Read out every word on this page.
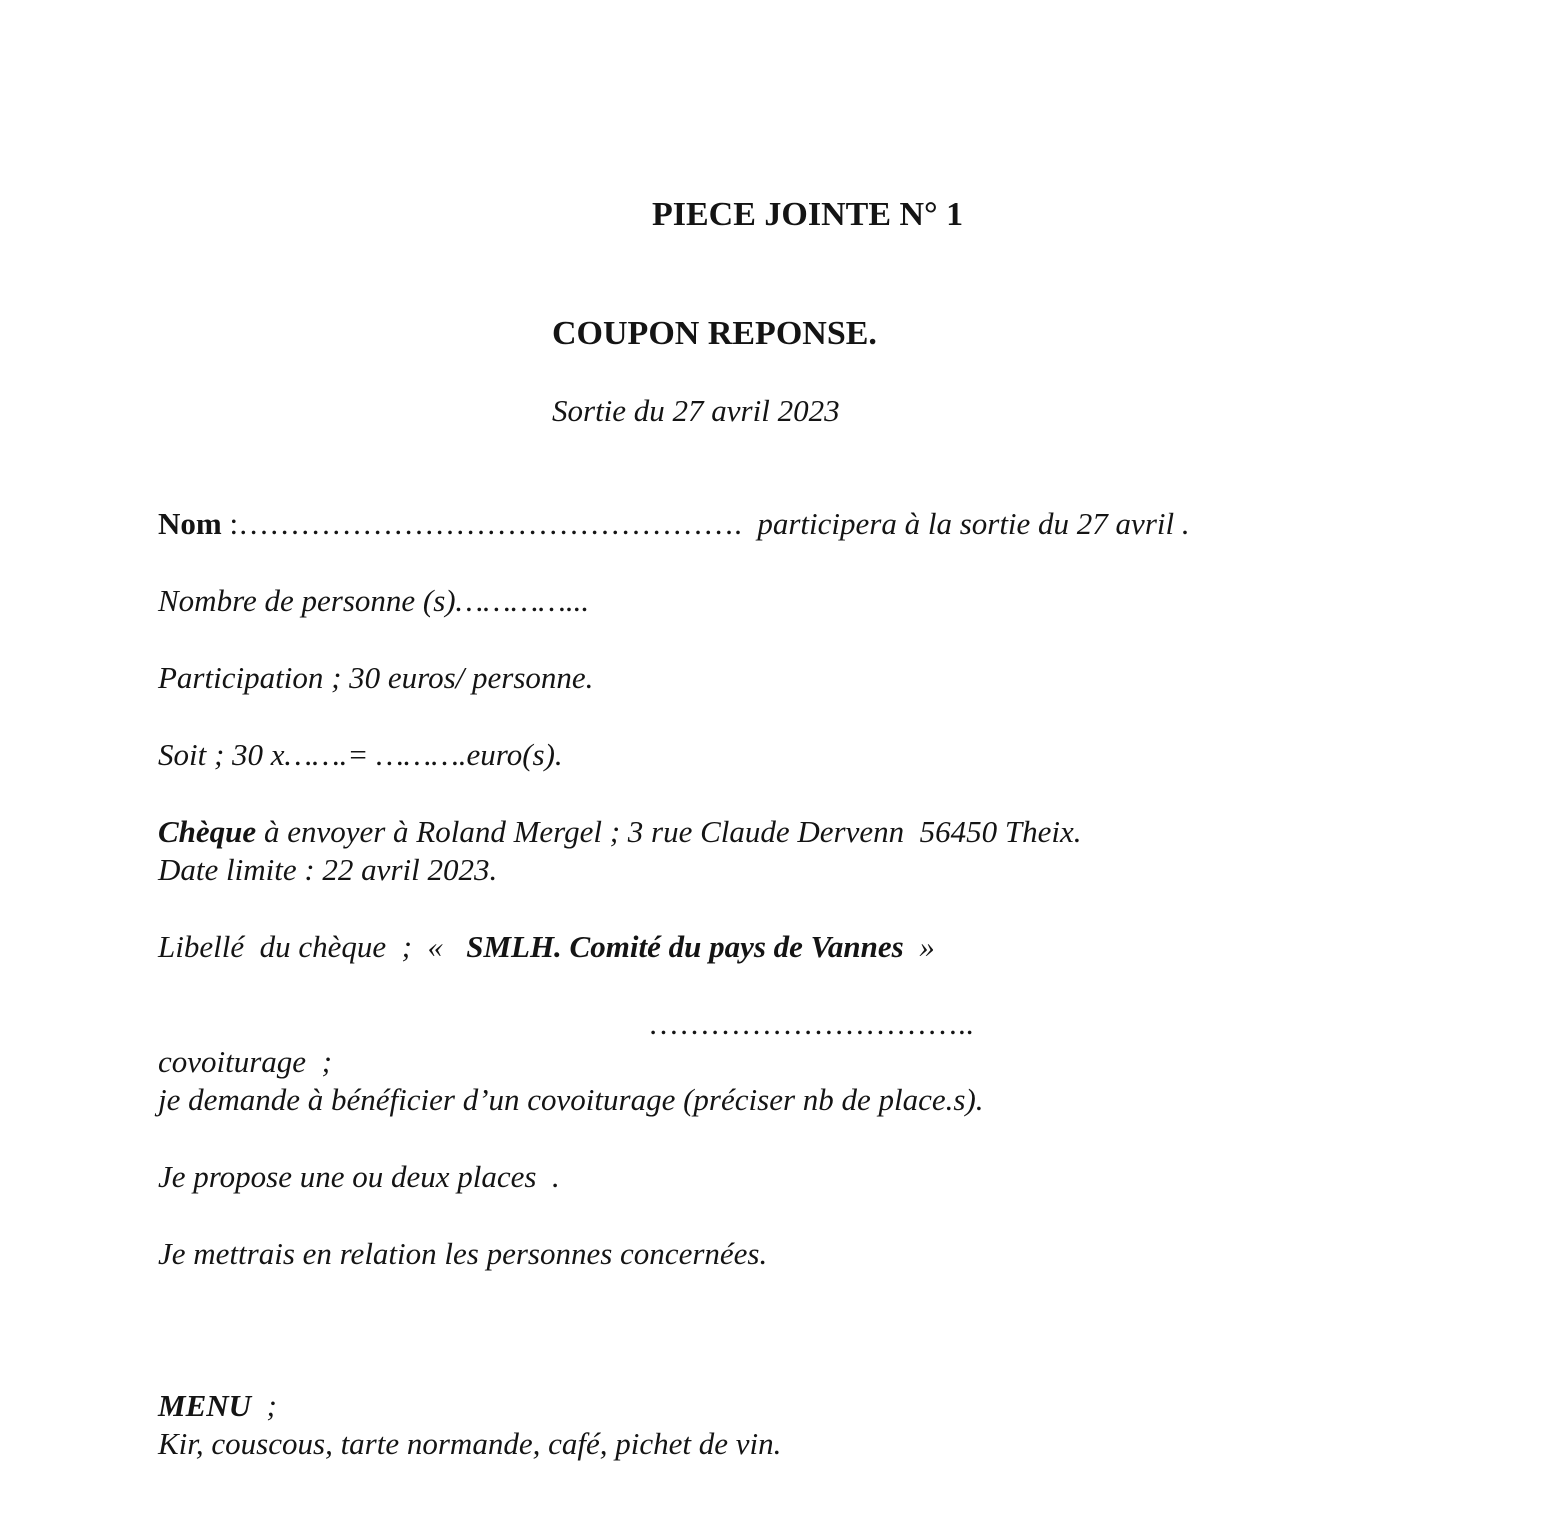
PIECE JOINTE N° 1
COUPON REPONSE.
Sortie du 27 avril 2023
Nom :………………………………………….  participera à la sortie du 27 avril .
Nombre de personne (s)…………...
Participation ; 30 euros/ personne.
Soit ; 30 x…….= ……….euro(s).
Chèque à envoyer à Roland Mergel ; 3 rue Claude Dervenn  56450 Theix.
Date limite : 22 avril 2023.
Libellé  du chèque  ;  «   SMLH. Comité du pays de Vannes  »
…………………………..
covoiturage  ;
je demande à bénéficier d’un covoiturage (préciser nb de place.s).
Je propose une ou deux places  .
Je mettrais en relation les personnes concernées.
MENU  ;
Kir, couscous, tarte normande, café, pichet de vin.
